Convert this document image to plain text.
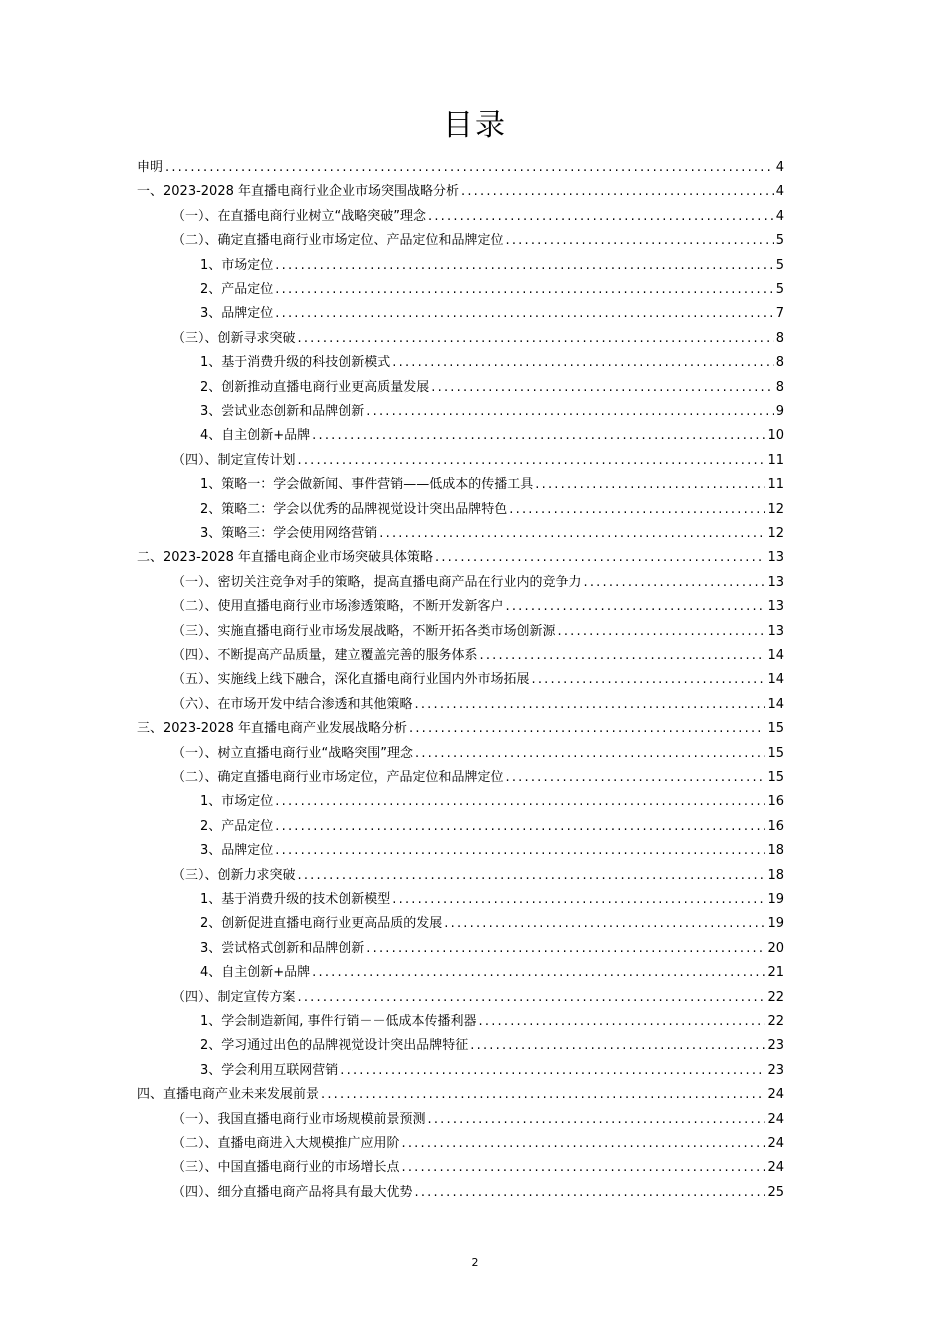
目录
申明 .....	4
一、2023-2028 年直播电商行业企业市场突围战略分析 .....	4
（一）、在直播电商行业树立“战略突破”理念 .....	4
（二）、确定直播电商行业市场定位、产品定位和品牌定位 .....	5
1、市场定位 .....	5
2、产品定位 .....	5
3、品牌定位 .....	7
（三）、创新寻求突破 .....	8
1、基于消费升级的科技创新模式 .....	8
2、创新推动直播电商行业更高质量发展 .....	8
3、尝试业态创新和品牌创新 .....	9
4、自主创新+品牌 .....	10
（四）、制定宣传计划 .....	11
1、策略一：学会做新闻、事件营销——低成本的传播工具 .....	11
2、策略二：学会以优秀的品牌视觉设计突出品牌特色 .....	12
3、策略三：学会使用网络营销 .....	12
二、2023-2028 年直播电商企业市场突破具体策略 .....	13
（一）、密切关注竞争对手的策略，提高直播电商产品在行业内的竞争力 .....	13
（二）、使用直播电商行业市场渗透策略，不断开发新客户 .....	13
（三）、实施直播电商行业市场发展战略，不断开拓各类市场创新源 .....	13
（四）、不断提高产品质量，建立覆盖完善的服务体系 .....	14
（五）、实施线上线下融合，深化直播电商行业国内外市场拓展 .....	14
（六）、在市场开发中结合渗透和其他策略 .....	14
三、2023-2028 年直播电商产业发展战略分析 .....	15
（一）、树立直播电商行业“战略突围”理念 .....	15
（二）、确定直播电商行业市场定位，产品定位和品牌定位 .....	15
1、市场定位 .....	16
2、产品定位 .....	16
3、品牌定位 .....	18
（三）、创新力求突破 .....	18
1、基于消费升级的技术创新模型 .....	19
2、创新促进直播电商行业更高品质的发展 .....	19
3、尝试格式创新和品牌创新 .....	20
4、自主创新+品牌 .....	21
（四）、制定宣传方案 .....	22
1、学会制造新闻, 事件行销－－低成本传播利器 .....	22
2、学习通过出色的品牌视觉设计突出品牌特征 .....	23
3、学会利用互联网营销 .....	23
四、直播电商产业未来发展前景 .....	24
（一）、我国直播电商行业市场规模前景预测 .....	24
（二）、直播电商进入大规模推广应用阶 .....	24
（三）、中国直播电商行业的市场增长点 .....	24
（四）、细分直播电商产品将具有最大优势 .....	25
2
